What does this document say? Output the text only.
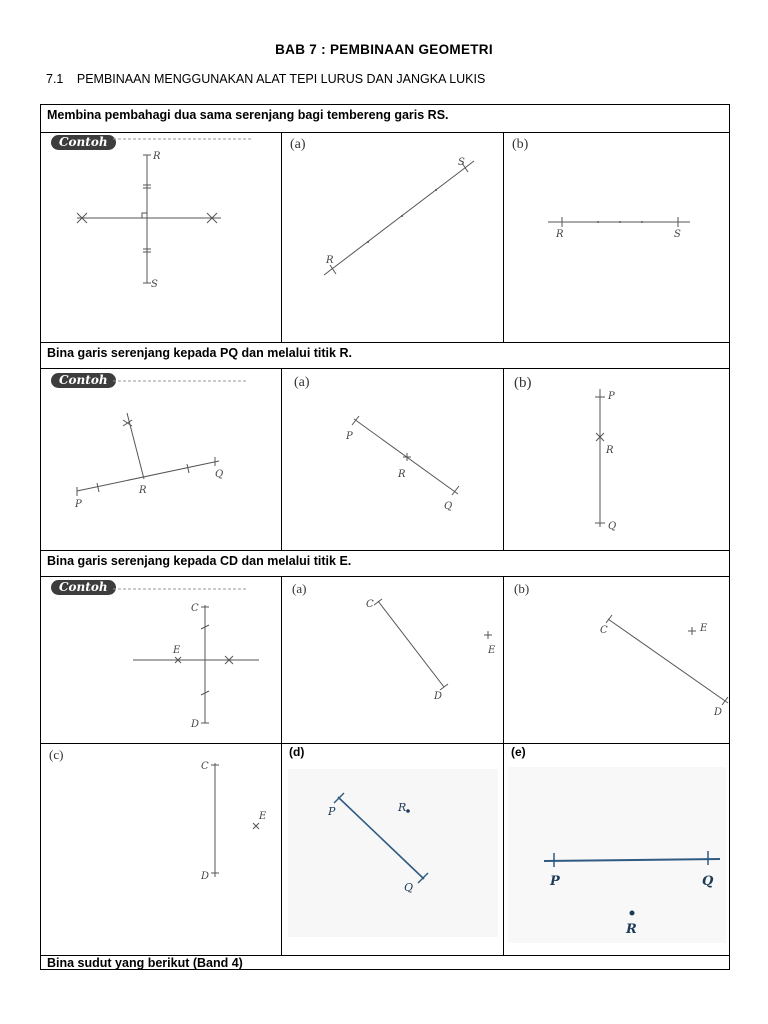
BAB 7 : PEMBINAAN GEOMETRI
7.1 PEMBINAAN MENGGUNAKAN ALAT TEPI LURUS DAN JANGKA LUKIS
Membina pembahagi dua sama serenjang bagi tembereng garis RS.
Contoh
R
S
(a)
R
S
(b)
R	S
Bina garis serenjang kepada PQ dan melalui titik R.
Contoh
P
R
Q
(a)
P
R
Q
(b)
P
R
Q
Bina garis serenjang kepada CD dan melalui titik E.
Contoh
C
E
D
(a)
C
E
D
(b)
C	E
D
(c)
C
E
D
(d)
P	R
Q
(e)
P	Q
R
Bina sudut yang berikut (Band 4)
